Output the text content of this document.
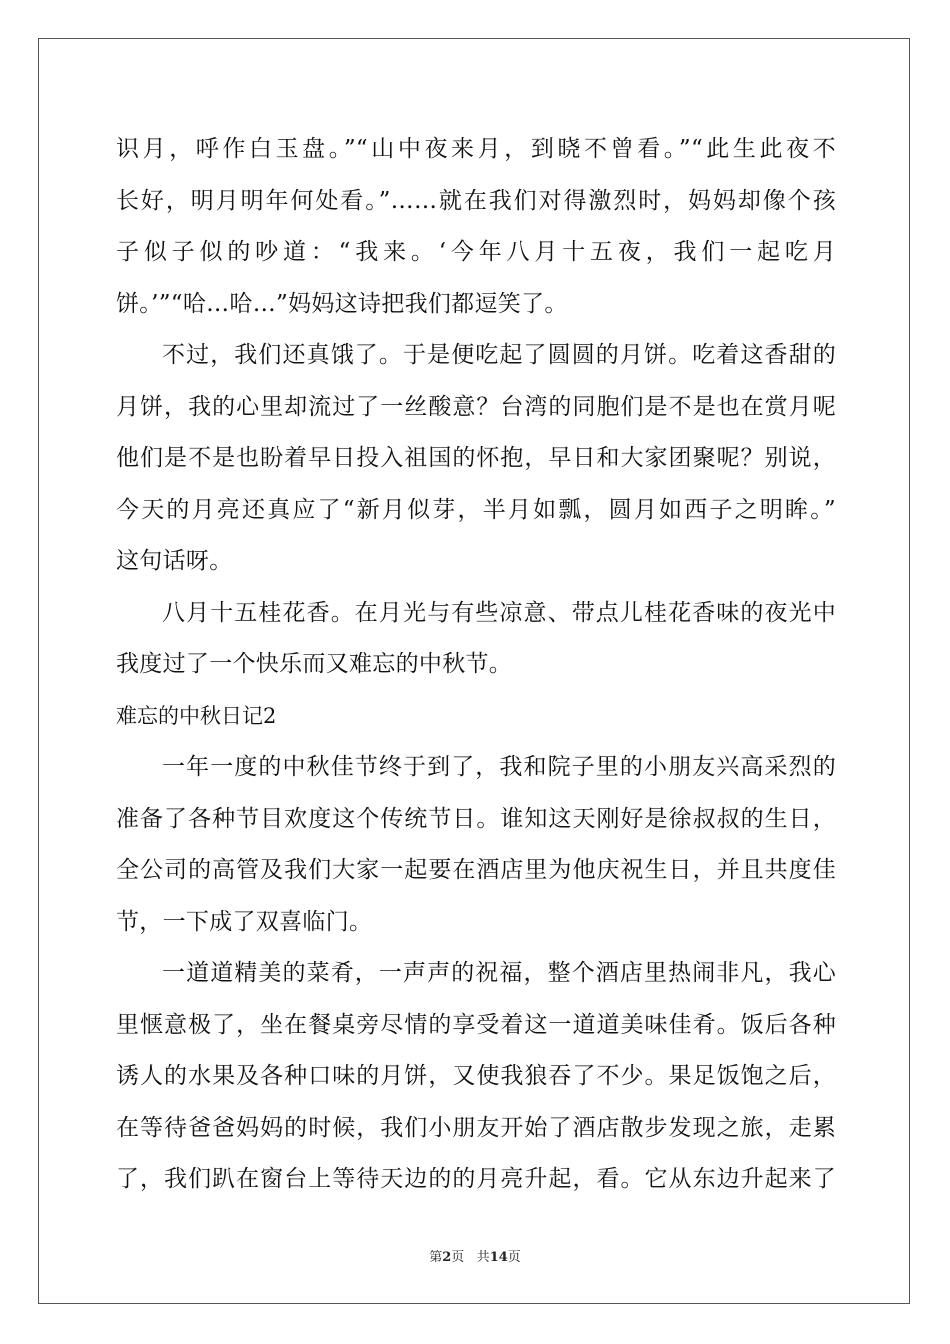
识月，呼作白玉盘。”“山中夜来月，到晓不曾看。”“此生此夜不

长好，明月明年何处看。”……就在我们对得激烈时，妈妈却像个孩

子似子似的吵道：“我来。‘今年八月十五夜，我们一起吃月

饼。’”“哈…哈…”妈妈这诗把我们都逗笑了。

不过，我们还真饿了。于是便吃起了圆圆的月饼。吃着这香甜的

月饼，我的心里却流过了一丝酸意？台湾的同胞们是不是也在赏月呢

他们是不是也盼着早日投入祖国的怀抱，早日和大家团聚呢？别说，

今天的月亮还真应了“新月似芽，半月如瓢，圆月如西子之明眸。”

这句话呀。

八月十五桂花香。在月光与有些凉意、带点儿桂花香味的夜光中

我度过了一个快乐而又难忘的中秋节。

难忘的中秋日记2

一年一度的中秋佳节终于到了，我和院子里的小朋友兴高采烈的

准备了各种节目欢度这个传统节日。谁知这天刚好是徐叔叔的生日，

全公司的高管及我们大家一起要在酒店里为他庆祝生日，并且共度佳

节，一下成了双喜临门。

一道道精美的菜肴，一声声的祝福，整个酒店里热闹非凡，我心

里惬意极了，坐在餐桌旁尽情的享受着这一道道美味佳肴。饭后各种

诱人的水果及各种口味的月饼，又使我狼吞了不少。果足饭饱之后，

在等待爸爸妈妈的时候，我们小朋友开始了酒店散步发现之旅，走累

了，我们趴在窗台上等待天边的的月亮升起，看。它从东边升起来了

第2页 共14页
